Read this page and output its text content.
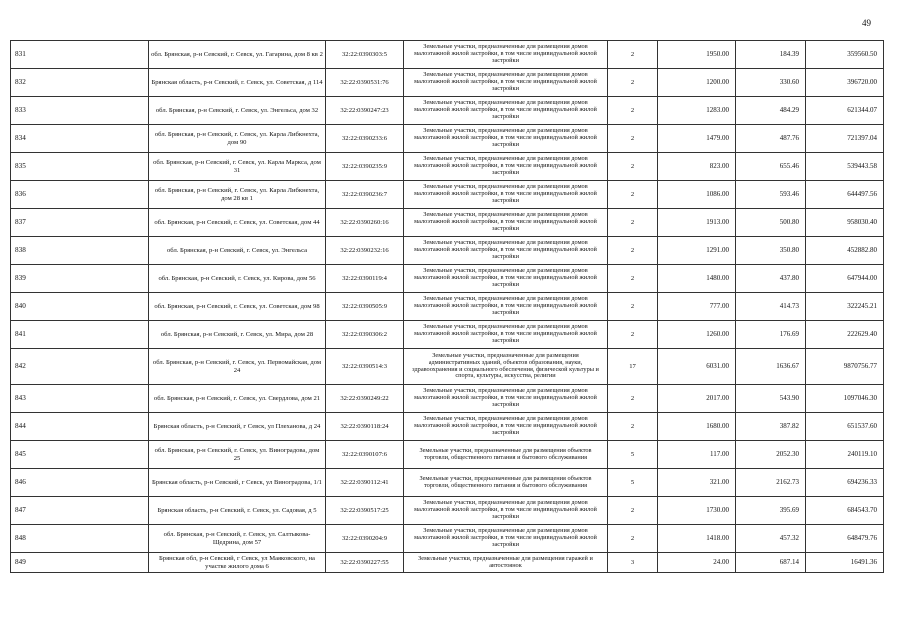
49
831	обл. Брянская, р-н Севский, г. Севск, ул. Гагарина, дом 8 кв 2	32:22:0390303:5	Земельные участки, предназначенные для размещения домов малоэтажной жилой застройки, в том числе индивидуальной жилой застройки	2	1950.00	184.39	359560.50
832	Брянская область, р-н Севский, г. Севск, ул. Советская, д 114	32:22:0390531:76	Земельные участки, предназначенные для размещения домов малоэтажной жилой застройки, в том числе индивидуальной жилой застройки	2	1200.00	330.60	396720.00
833	обл. Брянская, р-н Севский, г. Севск, ул. Энгельса, дом 32	32:22:0390247:23	Земельные участки, предназначенные для размещения домов малоэтажной жилой застройки, в том числе индивидуальной жилой застройки	2	1283.00	484.29	621344.07
834	обл. Брянская, р-н Севский, г. Севск, ул. Карла Либкнехта, дом 90	32:22:0390233:6	Земельные участки, предназначенные для размещения домов малоэтажной жилой застройки, в том числе индивидуальной жилой застройки	2	1479.00	487.76	721397.04
835	обл. Брянская, р-н Севский, г. Севск, ул. Карла Маркса, дом 31	32:22:0390235:9	Земельные участки, предназначенные для размещения домов малоэтажной жилой застройки, в том числе индивидуальной жилой застройки	2	823.00	655.46	539443.58
836	обл. Брянская, р-н Севский, г. Севск, ул. Карла Либкнехта, дом 28 кв 1	32:22:0390236:7	Земельные участки, предназначенные для размещения домов малоэтажной жилой застройки, в том числе индивидуальной жилой застройки	2	1086.00	593.46	644497.56
837	обл. Брянская, р-н Севский, г. Севск, ул. Советская, дом 44	32:22:0390260:16	Земельные участки, предназначенные для размещения домов малоэтажной жилой застройки, в том числе индивидуальной жилой застройки	2	1913.00	500.80	958030.40
838	обл. Брянская, р-н Севский, г. Севск, ул. Энгельса	32:22:0390232:16	Земельные участки, предназначенные для размещения домов малоэтажной жилой застройки, в том числе индивидуальной жилой застройки	2	1291.00	350.80	452882.80
839	обл. Брянская, р-н Севский, г. Севск, ул. Кирова, дом 56	32:22:0390119:4	Земельные участки, предназначенные для размещения домов малоэтажной жилой застройки, в том числе индивидуальной жилой застройки	2	1480.00	437.80	647944.00
840	обл. Брянская, р-н Севский, г. Севск, ул. Советская, дом 98	32:22:0390505:9	Земельные участки, предназначенные для размещения домов малоэтажной жилой застройки, в том числе индивидуальной жилой застройки	2	777.00	414.73	322245.21
841	обл. Брянская, р-н Севский, г. Севск, ул. Мира, дом 28	32:22:0390306:2	Земельные участки, предназначенные для размещения домов малоэтажной жилой застройки, в том числе индивидуальной жилой застройки	2	1260.00	176.69	222629.40
842	обл. Брянская, р-н Севский, г. Севск, ул. Первомайская, дом 24	32:22:0390514:3	Земельные участки, предназначенные для размещения административных зданий, объектов образования, науки, здравоохранения и социального обеспечения, физической культуры и спорта, культуры, искусства, религии	17	6031.00	1636.67	9870756.77
843	обл. Брянская, р-н Севский, г. Севск, ул. Свердлова, дом 21	32:22:0390249:22	Земельные участки, предназначенные для размещения домов малоэтажной жилой застройки, в том числе индивидуальной жилой застройки	2	2017.00	543.90	1097046.30
844	Брянская область, р-н Севский, г Севск, ул Плеханова, д 24	32:22:0390118:24	Земельные участки, предназначенные для размещения домов малоэтажной жилой застройки, в том числе индивидуальной жилой застройки	2	1680.00	387.82	651537.60
845	обл. Брянская, р-н Севский, г. Севск, ул. Виноградова, дом 25	32:22:0390107:6	Земельные участки, предназначенные для размещения объектов торговли, общественного питания и бытового обслуживания	5	117.00	2052.30	240119.10
846	Брянская область, р-н Севский, г Севск, ул Виноградова, 1/1	32:22:0390112:41	Земельные участки, предназначенные для размещения объектов торговли, общественного питания и бытового обслуживания	5	321.00	2162.73	694236.33
847	Брянская область, р-н Севский, г. Севск, ул. Садовая, д 5	32:22:0390517:25	Земельные участки, предназначенные для размещения домов малоэтажной жилой застройки, в том числе индивидуальной жилой застройки	2	1730.00	395.69	684543.70
848	обл. Брянская, р-н Севский, г. Севск, ул. Салтыкова-Щедрина, дом 57	32:22:0390204:9	Земельные участки, предназначенные для размещения домов малоэтажной жилой застройки, в том числе индивидуальной жилой застройки	2	1418.00	457.32	648479.76
849	Брянская обл, р-н Севский, г Севск, ул Маяковского, на участке жилого дома 6	32:22:0390227:55	Земельные участки, предназначенные для размещения гаражей и автостоянок	3	24.00	687.14	16491.36
